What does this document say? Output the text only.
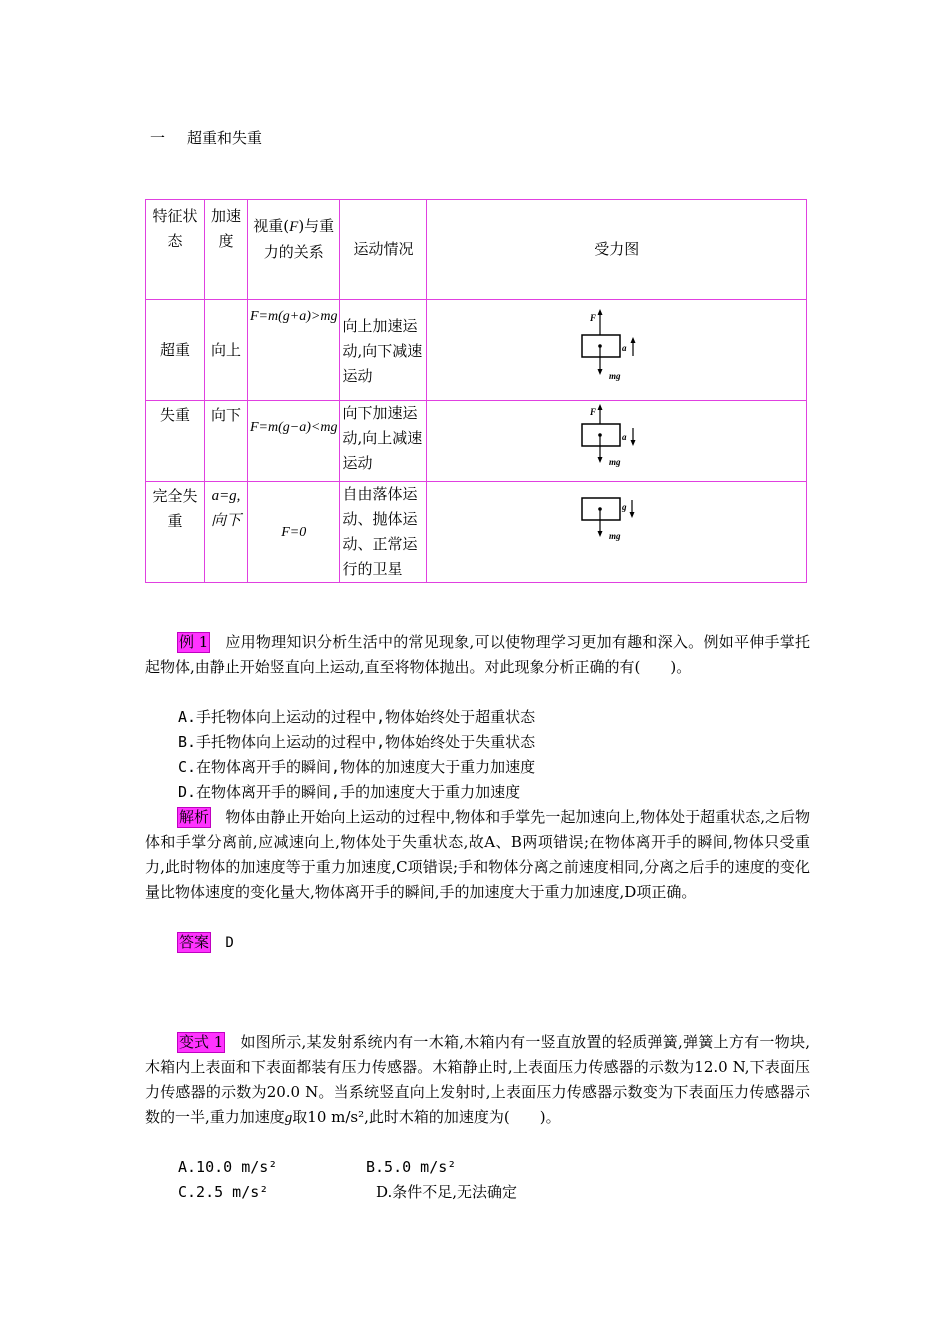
一 超重和失重
特征状态	加速度	视重(F)与重力的关系	运动情况	受力图
超重	向上	F=m(g+a)>mg	向上加速运动,向下减速运动	F
mg
a

失重	向下	F=m(g−a)<mg	向下加速运动,向上减速运动	F
mg
a

完全失重	a=g,向下	F=0	自由落体运动、抛体运动、正常运行的卫星	mg
g
例 1 应用物理知识分析生活中的常见现象,可以使物理学习更加有趣和深入。例如平伸手掌托起物体,由静止开始竖直向上运动,直至将物体抛出。对此现象分析正确的有(　　)。
A.手托物体向上运动的过程中,物体始终处于超重状态
B.手托物体向上运动的过程中,物体始终处于失重状态
C.在物体离开手的瞬间,物体的加速度大于重力加速度
D.在物体离开手的瞬间,手的加速度大于重力加速度
解析 物体由静止开始向上运动的过程中,物体和手掌先一起加速向上,物体处于超重状态,之后物体和手掌分离前,应减速向上,物体处于失重状态,故A、B两项错误;在物体离开手的瞬间,物体只受重力,此时物体的加速度等于重力加速度,C项错误;手和物体分离之前速度相同,分离之后手的速度的变化量比物体速度的变化量大,物体离开手的瞬间,手的加速度大于重力加速度,D项正确。
答案 D
变式 1 如图所示,某发射系统内有一木箱,木箱内有一竖直放置的轻质弹簧,弹簧上方有一物块,木箱内上表面和下表面都装有压力传感器。木箱静止时,上表面压力传感器的示数为12.0 N,下表面压力传感器的示数为20.0 N。当系统竖直向上发射时,上表面压力传感器示数变为下表面压力传感器示数的一半,重力加速度g取10 m/s²,此时木箱的加速度为(　　)。
A.10.0 m/s²	B.5.0 m/s²
C.2.5 m/s²	D.条件不足,无法确定
